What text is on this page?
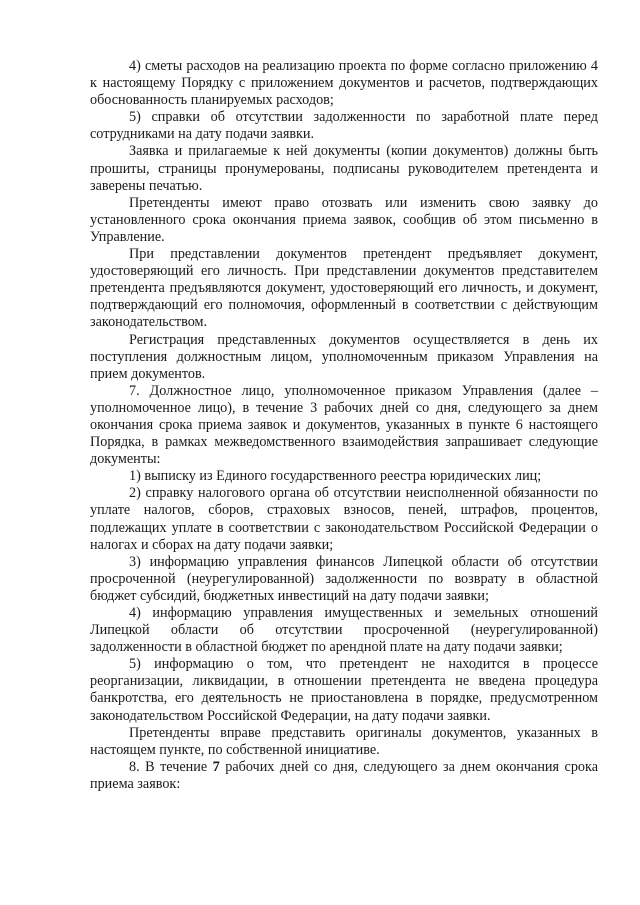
4) сметы расходов на реализацию проекта по форме согласно приложению 4 к настоящему Порядку с приложением документов и расчетов, подтверждающих обоснованность планируемых расходов;

5) справки об отсутствии задолженности по заработной плате перед сотрудниками на дату подачи заявки.

Заявка и прилагаемые к ней документы (копии документов) должны быть прошиты, страницы пронумерованы, подписаны руководителем претендента и заверены печатью.

Претенденты имеют право отозвать или изменить свою заявку до установленного срока окончания приема заявок, сообщив об этом письменно в Управление.

При представлении документов претендент предъявляет документ, удостоверяющий его личность. При представлении документов представителем претендента предъявляются документ, удостоверяющий его личность, и документ, подтверждающий его полномочия, оформленный в соответствии с действующим законодательством.

Регистрация представленных документов осуществляется в день их поступления должностным лицом, уполномоченным приказом Управления на прием документов.

7. Должностное лицо, уполномоченное приказом Управления (далее – уполномоченное лицо), в течение 3 рабочих дней со дня, следующего за днем окончания срока приема заявок и документов, указанных в пункте 6 настоящего Порядка, в рамках межведомственного взаимодействия запрашивает следующие документы:

1) выписку из Единого государственного реестра юридических лиц;

2) справку налогового органа об отсутствии неисполненной обязанности по уплате налогов, сборов, страховых взносов, пеней, штрафов, процентов, подлежащих уплате в соответствии с законодательством Российской Федерации о налогах и сборах на дату подачи заявки;

3) информацию управления финансов Липецкой области об отсутствии просроченной (неурегулированной) задолженности по возврату в областной бюджет субсидий, бюджетных инвестиций на дату подачи заявки;

4) информацию управления имущественных и земельных отношений Липецкой области об отсутствии просроченной (неурегулированной) задолженности в областной бюджет по арендной плате на дату подачи заявки;

5) информацию о том, что претендент не находится в процессе реорганизации, ликвидации, в отношении претендента не введена процедура банкротства, его деятельность не приостановлена в порядке, предусмотренном законодательством Российской Федерации, на дату подачи заявки.

Претенденты вправе представить оригиналы документов, указанных в настоящем пункте, по собственной инициативе.

8. В течение 7 рабочих дней со дня, следующего за днем окончания срока приема заявок:
